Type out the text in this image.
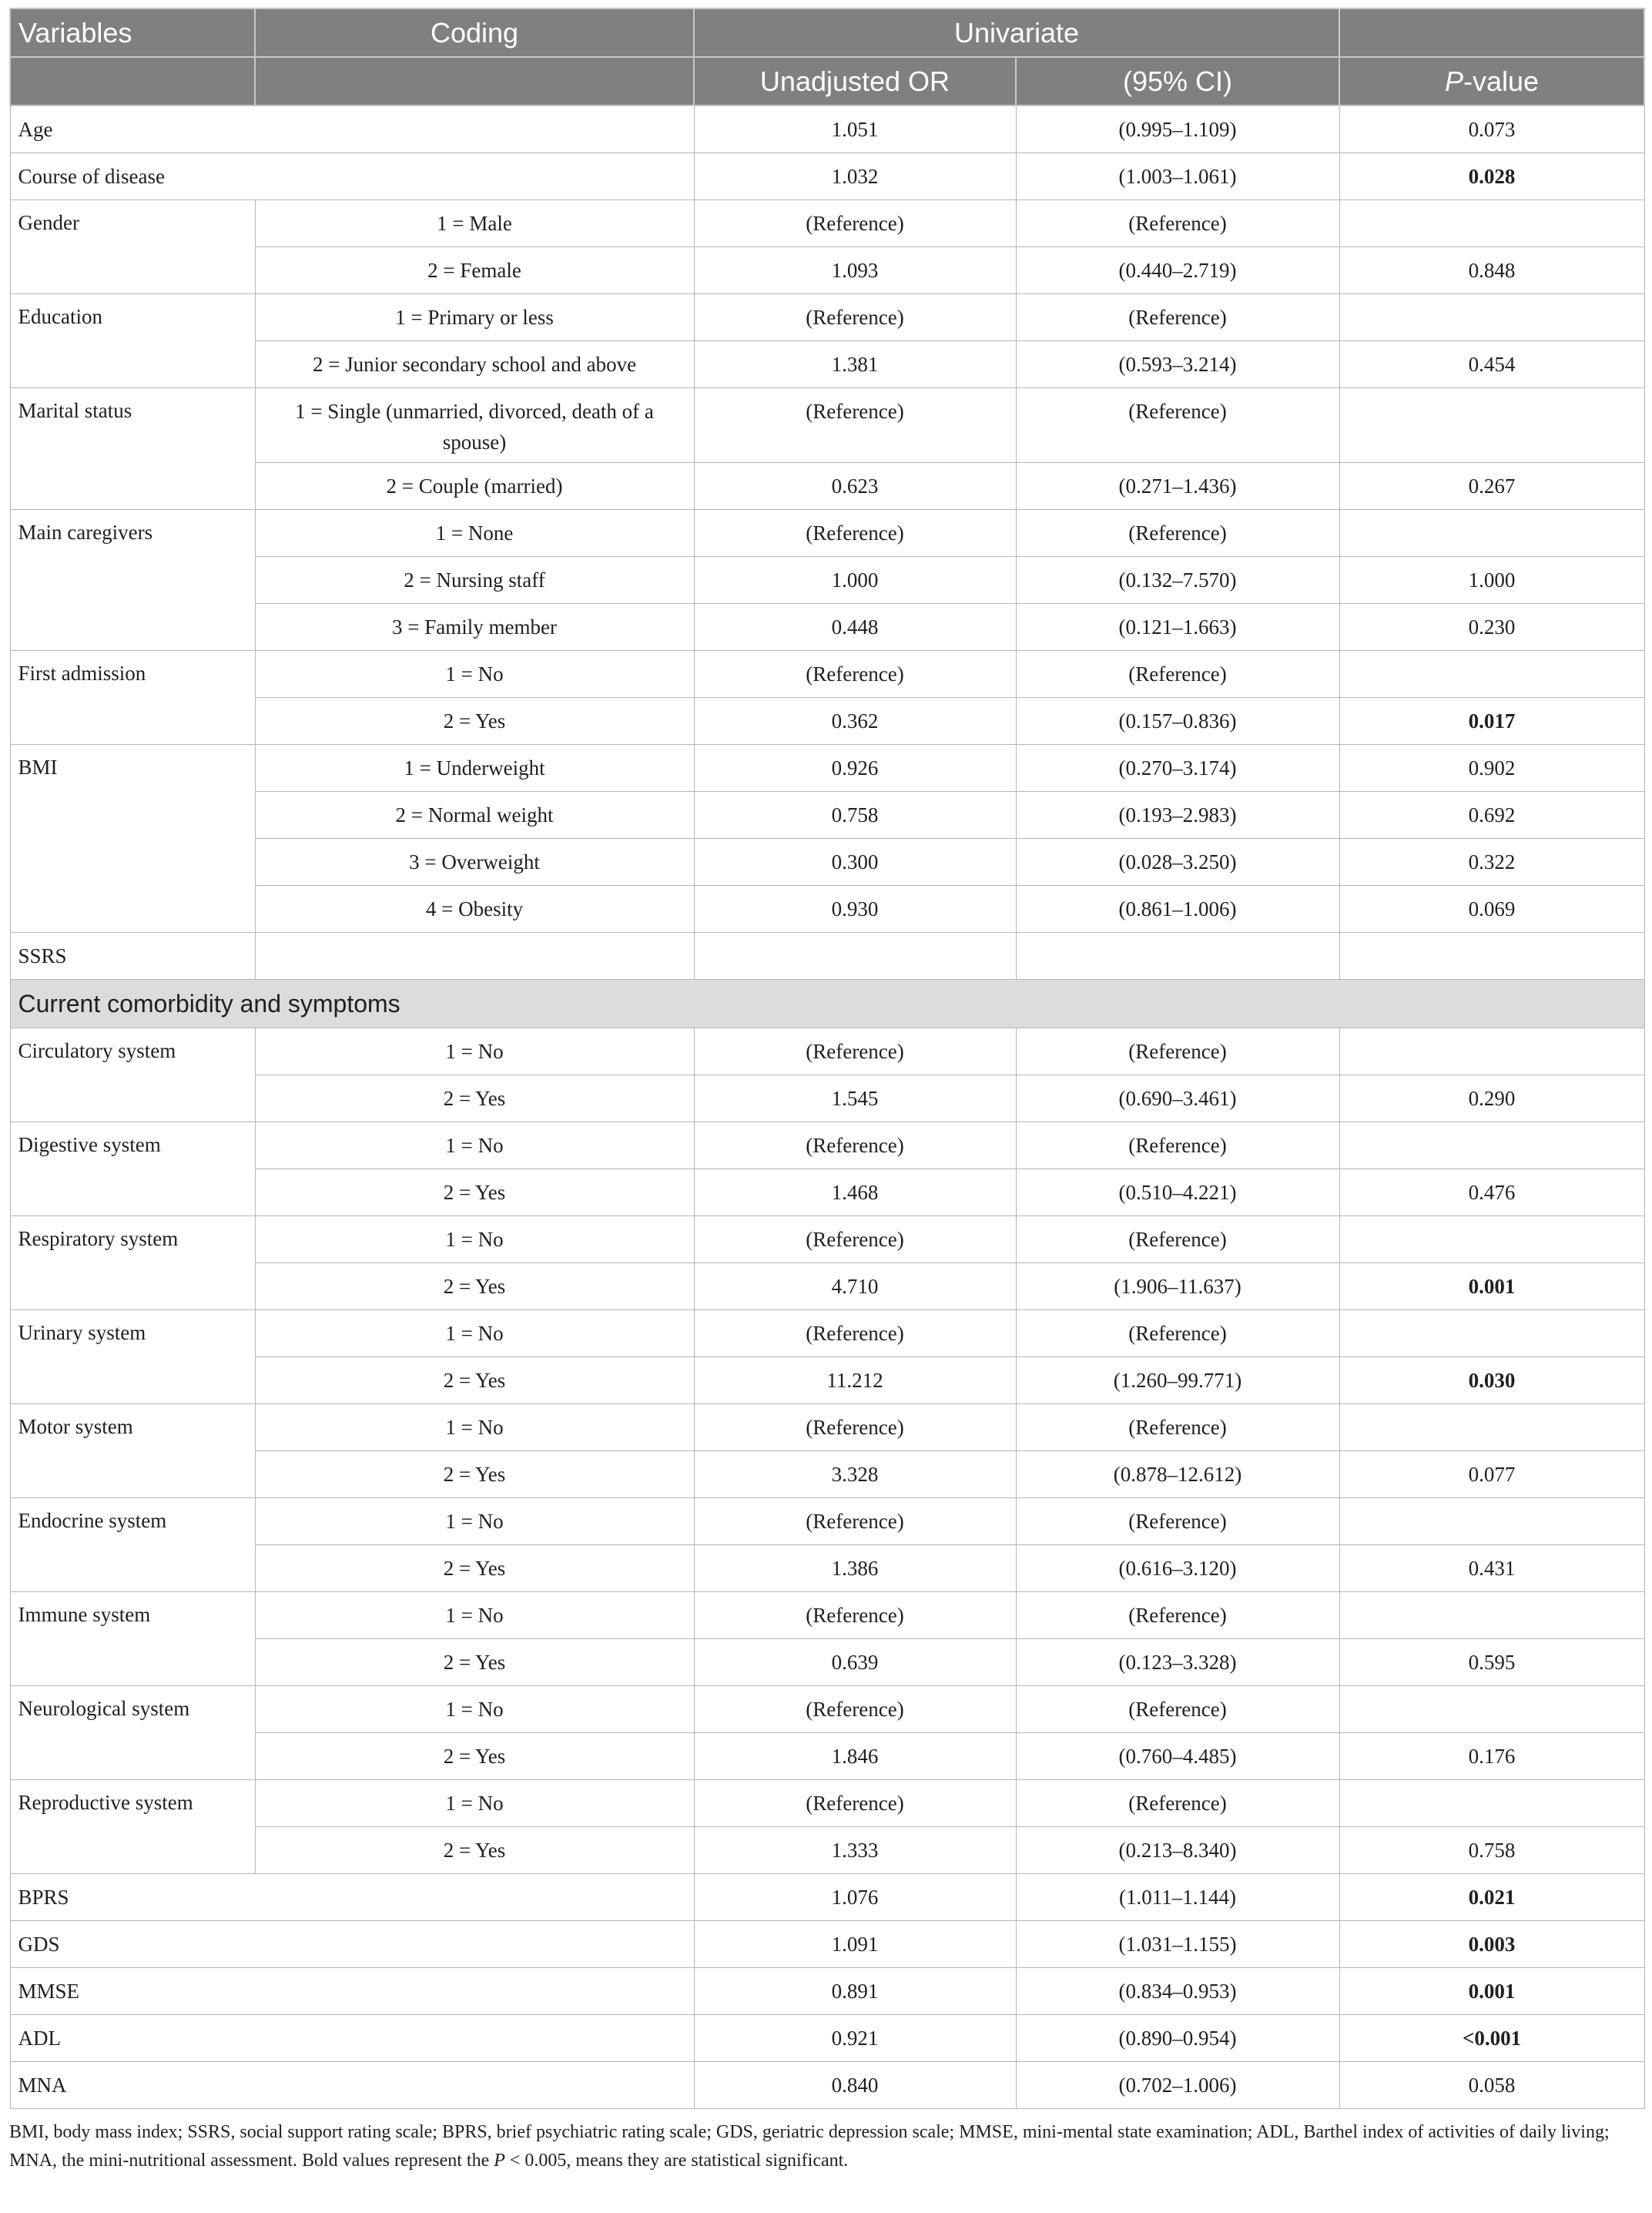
Variables	Coding	Univariate		
		Unadjusted OR	(95% CI)	P-value
Age		1.051	(0.995–1.109)	0.073
Course of disease		1.032	(1.003–1.061)	0.028
Gender	1 = Male	(Reference)	(Reference)	
	2 = Female	1.093	(0.440–2.719)	0.848
Education	1 = Primary or less	(Reference)	(Reference)	
	2 = Junior secondary school and above	1.381	(0.593–3.214)	0.454
Marital status	1 = Single (unmarried, divorced, death of a spouse)	(Reference)	(Reference)	
	2 = Couple (married)	0.623	(0.271–1.436)	0.267
Main caregivers	1 = None	(Reference)	(Reference)	
	2 = Nursing staff	1.000	(0.132–7.570)	1.000
	3 = Family member	0.448	(0.121–1.663)	0.230
First admission	1 = No	(Reference)	(Reference)	
	2 = Yes	0.362	(0.157–0.836)	0.017
BMI	1 = Underweight	0.926	(0.270–3.174)	0.902
	2 = Normal weight	0.758	(0.193–2.983)	0.692
	3 = Overweight	0.300	(0.028–3.250)	0.322
	4 = Obesity	0.930	(0.861–1.006)	0.069
SSRS				
Current comorbidity and symptoms				
Circulatory system	1 = No	(Reference)	(Reference)	
	2 = Yes	1.545	(0.690–3.461)	0.290
Digestive system	1 = No	(Reference)	(Reference)	
	2 = Yes	1.468	(0.510–4.221)	0.476
Respiratory system	1 = No	(Reference)	(Reference)	
	2 = Yes	4.710	(1.906–11.637)	0.001
Urinary system	1 = No	(Reference)	(Reference)	
	2 = Yes	11.212	(1.260–99.771)	0.030
Motor system	1 = No	(Reference)	(Reference)	
	2 = Yes	3.328	(0.878–12.612)	0.077
Endocrine system	1 = No	(Reference)	(Reference)	
	2 = Yes	1.386	(0.616–3.120)	0.431
Immune system	1 = No	(Reference)	(Reference)	
	2 = Yes	0.639	(0.123–3.328)	0.595
Neurological system	1 = No	(Reference)	(Reference)	
	2 = Yes	1.846	(0.760–4.485)	0.176
Reproductive system	1 = No	(Reference)	(Reference)	
	2 = Yes	1.333	(0.213–8.340)	0.758
BPRS		1.076	(1.011–1.144)	0.021
GDS		1.091	(1.031–1.155)	0.003
MMSE		0.891	(0.834–0.953)	0.001
ADL		0.921	(0.890–0.954)	<0.001
MNA		0.840	(0.702–1.006)	0.058
BMI, body mass index; SSRS, social support rating scale; BPRS, brief psychiatric rating scale; GDS, geriatric depression scale; MMSE, mini-mental state examination; ADL, Barthel index of activities of daily living; MNA, the mini-nutritional assessment. Bold values represent the P < 0.005, means they are statistical significant.
